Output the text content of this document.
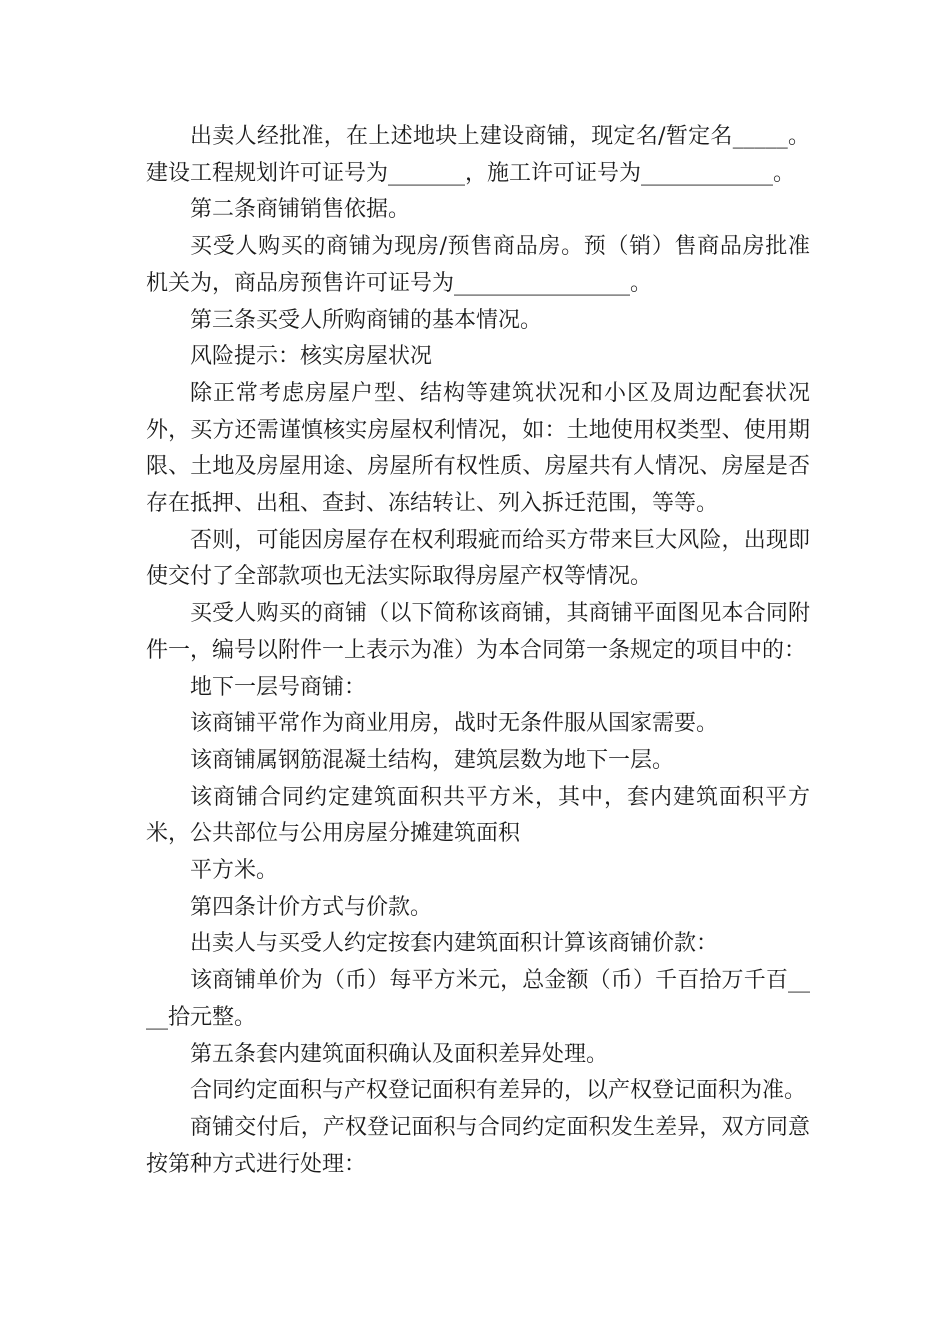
出卖人经批准，在上述地块上建设商铺，现定名/暂定名_____。建设工程规划许可证号为_______，施工许可证号为____________。

第二条商铺销售依据。

买受人购买的商铺为现房/预售商品房。预（销）售商品房批准机关为，商品房预售许可证号为________________。

第三条买受人所购商铺的基本情况。

风险提示：核实房屋状况

除正常考虑房屋户型、结构等建筑状况和小区及周边配套状况外，买方还需谨慎核实房屋权利情况，如：土地使用权类型、使用期限、土地及房屋用途、房屋所有权性质、房屋共有人情况、房屋是否存在抵押、出租、查封、冻结转让、列入拆迁范围，等等。

否则，可能因房屋存在权利瑕疵而给买方带来巨大风险，出现即使交付了全部款项也无法实际取得房屋产权等情况。

买受人购买的商铺（以下简称该商铺，其商铺平面图见本合同附件一，编号以附件一上表示为准）为本合同第一条规定的项目中的：

地下一层号商铺：

该商铺平常作为商业用房，战时无条件服从国家需要。

该商铺属钢筋混凝土结构，建筑层数为地下一层。

该商铺合同约定建筑面积共平方米，其中，套内建筑面积平方米，公共部位与公用房屋分摊建筑面积

平方米。

第四条计价方式与价款。

出卖人与买受人约定按套内建筑面积计算该商铺价款：

该商铺单价为（币）每平方米元，总金额（币）千百拾万千百____拾元整。

第五条套内建筑面积确认及面积差异处理。

合同约定面积与产权登记面积有差异的，以产权登记面积为准。

商铺交付后，产权登记面积与合同约定面积发生差异，双方同意按第种方式进行处理：
